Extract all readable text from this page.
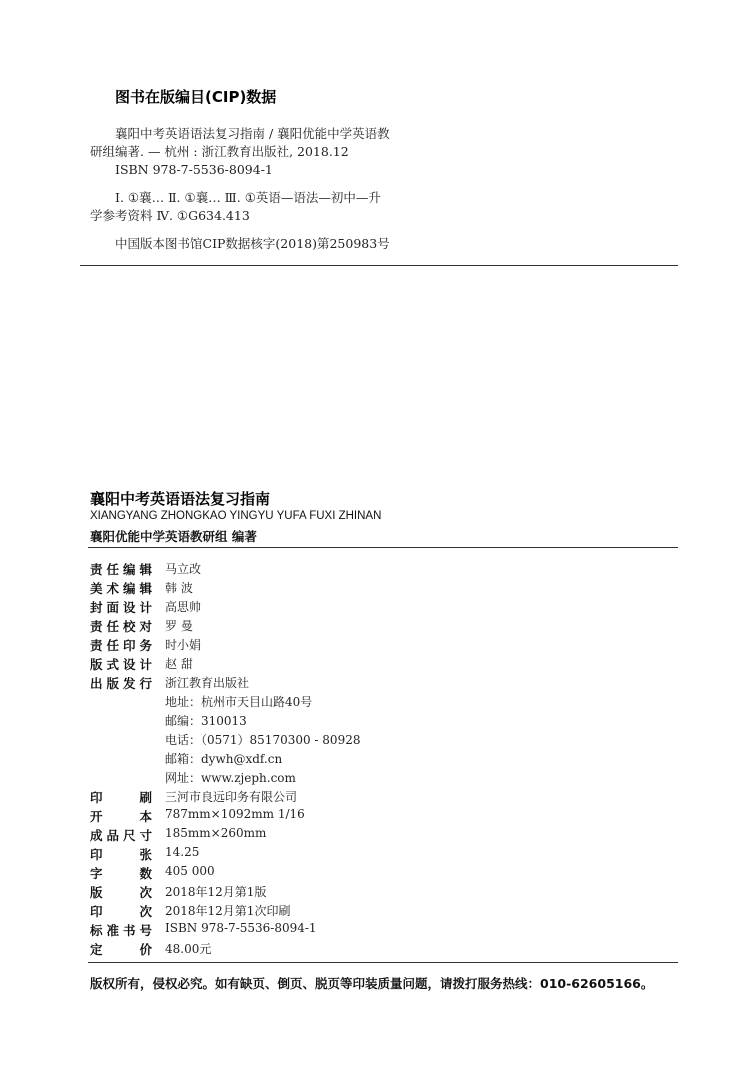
图书在版编目(CIP)数据
襄阳中考英语语法复习指南 / 襄阳优能中学英语教
研组编著. — 杭州 : 浙江教育出版社, 2018.12
ISBN 978-7-5536-8094-1
Ⅰ. ①襄… Ⅱ. ①襄… Ⅲ. ①英语—语法—初中—升
学参考资料 Ⅳ. ①G634.413
中国版本图书馆CIP数据核字(2018)第250983号
襄阳中考英语语法复习指南
XIANGYANG ZHONGKAO YINGYU YUFA FUXI ZHINAN
襄阳优能中学英语教研组 编著
责 任 编 辑 马立改
美 术 编 辑 韩 波
封 面 设 计 高思帅
责 任 校 对 罗 曼
责 任 印 务 时小娟
版 式 设 计 赵 甜
出 版 发 行 浙江教育出版社
地址：杭州市天目山路40号
邮编：310013
电话：（0571）85170300 - 80928
邮箱：dywh@xdf.cn
网址：www.zjeph.com
印	刷 三河市良远印务有限公司
开	本 787mm×1092mm 1/16
成 品 尺 寸 185mm×260mm
印	张 14.25
字	数 405 000
版	次 2018年12月第1版
印	次 2018年12月第1次印刷
标 准 书 号 ISBN 978-7-5536-8094-1
定	价 48.00元
版权所有，侵权必究。如有缺页、倒页、脱页等印装质量问题，请拨打服务热线：010-62605166。
